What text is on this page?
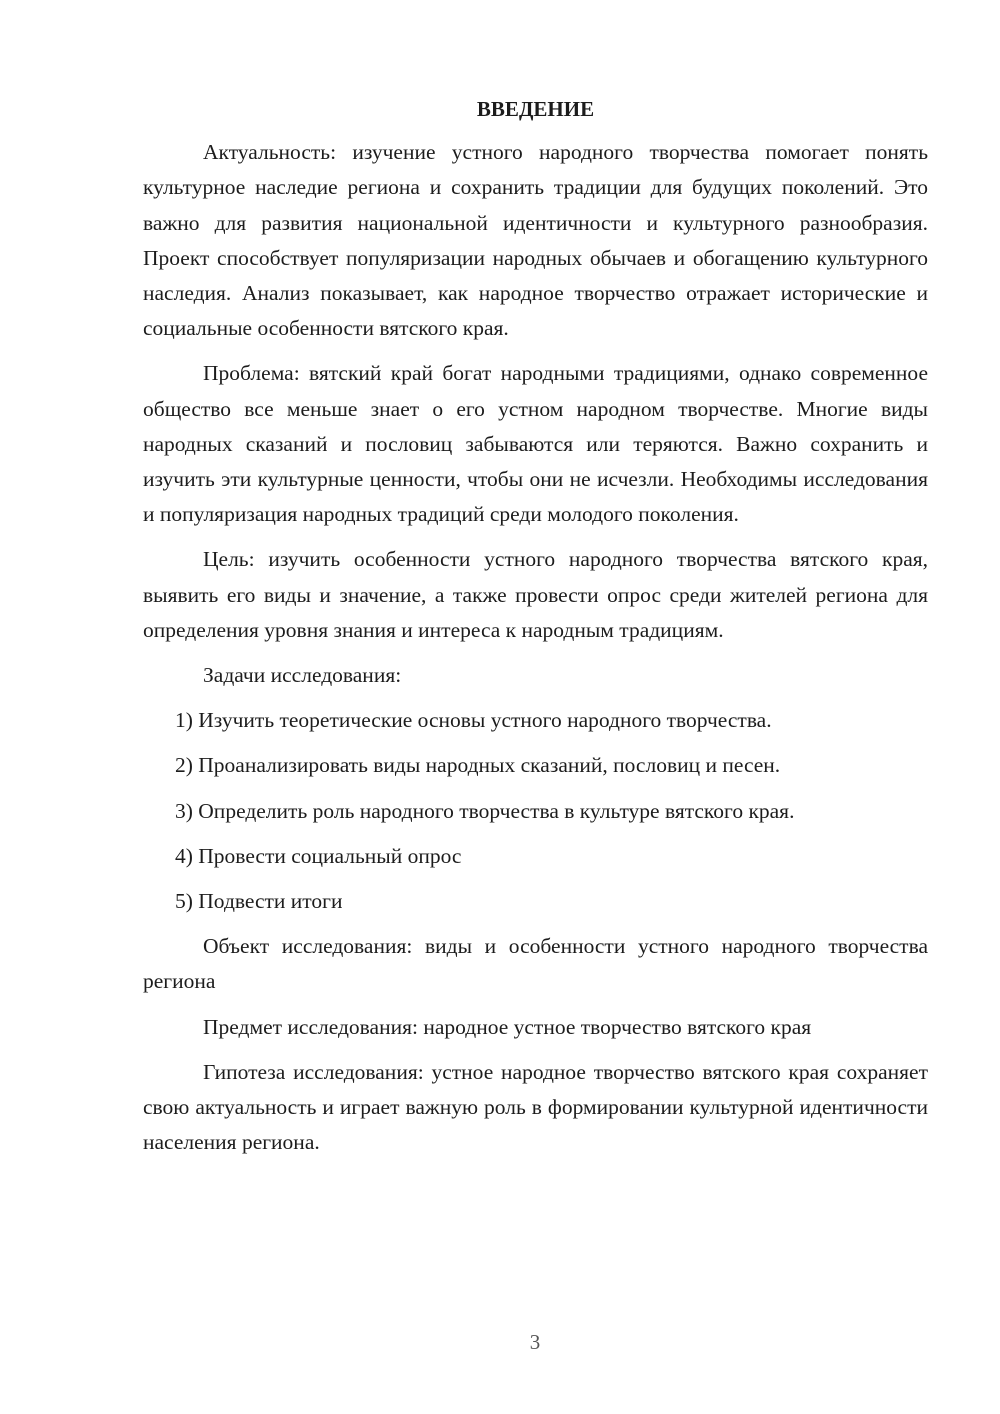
ВВЕДЕНИЕ

Актуальность: изучение устного народного творчества помогает понять культурное наследие региона и сохранить традиции для будущих поколений. Это важно для развития национальной идентичности и культурного разнообразия. Проект способствует популяризации народных обычаев и обогащению культурного наследия. Анализ показывает, как народное творчество отражает исторические и социальные особенности вятского края.

Проблема: вятский край богат народными традициями, однако современное общество все меньше знает о его устном народном творчестве. Многие виды народных сказаний и пословиц забываются или теряются. Важно сохранить и изучить эти культурные ценности, чтобы они не исчезли. Необходимы исследования и популяризация народных традиций среди молодого поколения.

Цель: изучить особенности устного народного творчества вятского края, выявить его виды и значение, а также провести опрос среди жителей региона для определения уровня знания и интереса к народным традициям.

Задачи исследования:

1) Изучить теоретические основы устного народного творчества.
2) Проанализировать виды народных сказаний, пословиц и песен.
3) Определить роль народного творчества в культуре вятского края.
4) Провести социальный опрос
5) Подвести итоги

Объект исследования: виды и особенности устного народного творчества региона

Предмет исследования: народное устное творчество вятского края

Гипотеза исследования: устное народное творчество вятского края сохраняет свою актуальность и играет важную роль в формировании культурной идентичности населения региона.

3
